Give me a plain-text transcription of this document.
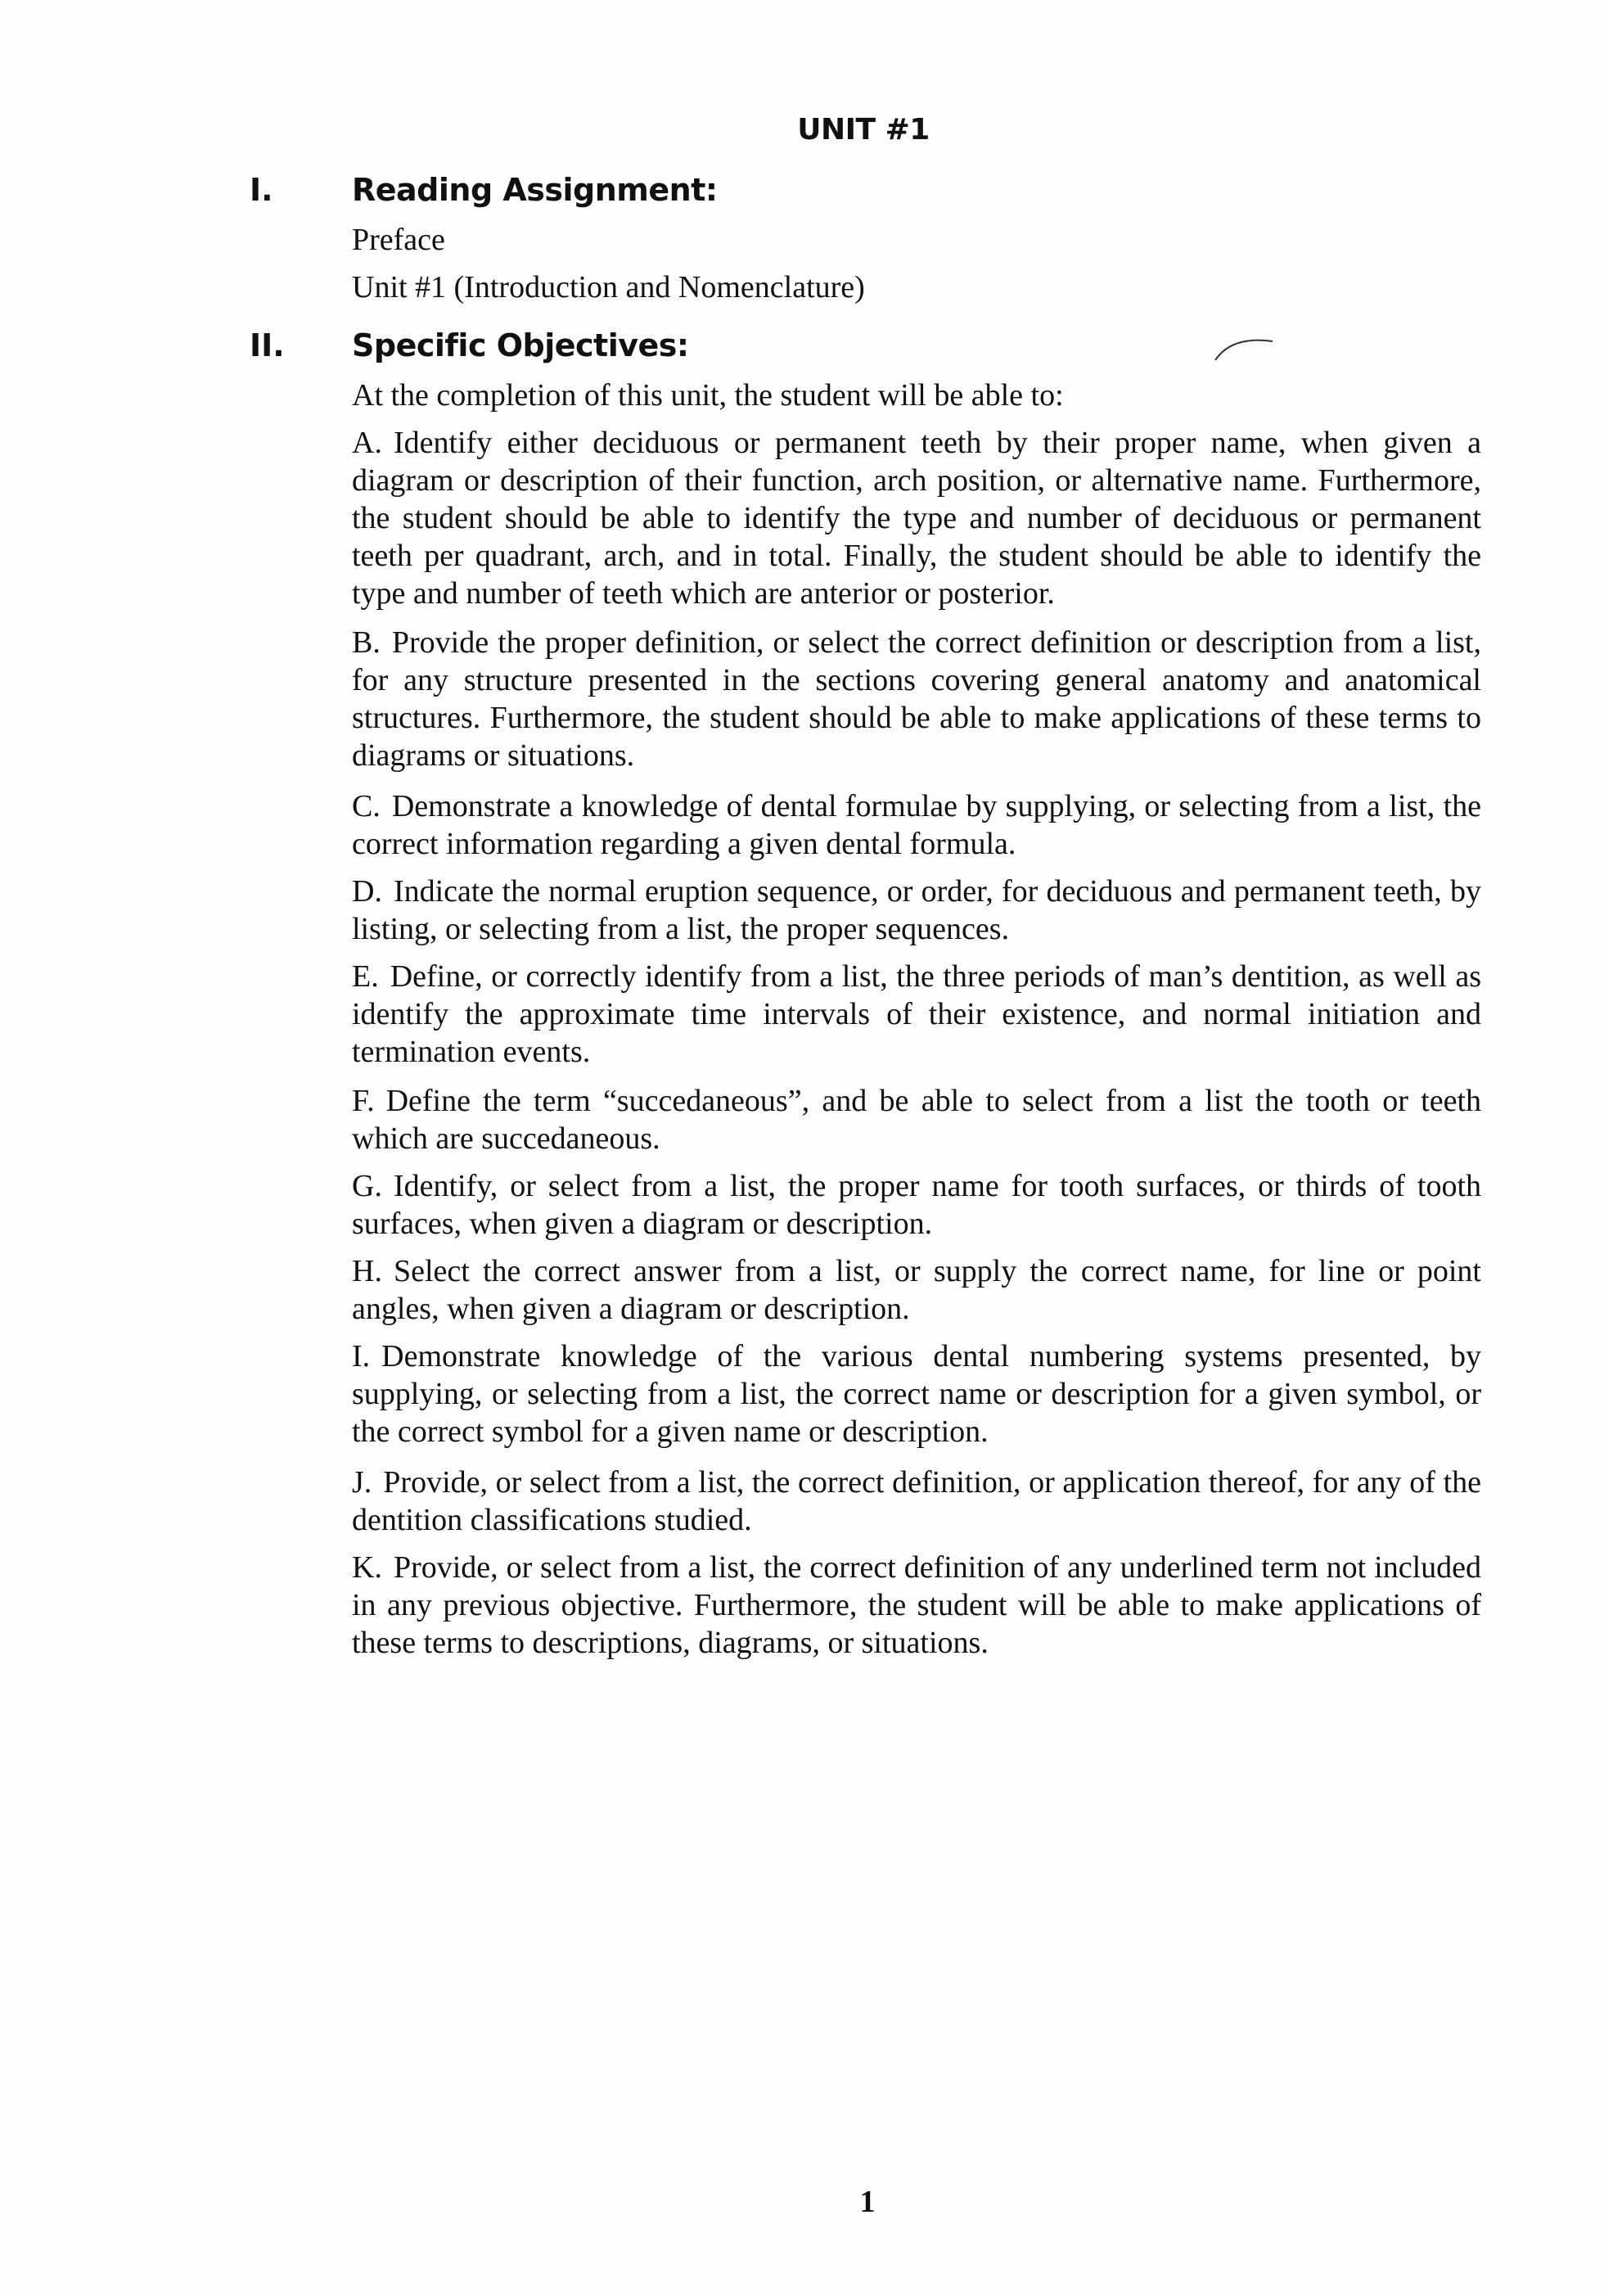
UNIT #1
I.	Reading Assignment:
Preface
Unit #1 (Introduction and Nomenclature)
II. Specific Objectives:
At the completion of this unit, the student will be able to:
A. Identify either deciduous or permanent teeth by their proper name, when given a diagram or description of their function, arch position, or alternative name. Furthermore, the student should be able to identify the type and number of deciduous or permanent teeth per quadrant, arch, and in total. Finally, the student should be able to identify the type and number of teeth which are anterior or posterior.
B. Provide the proper definition, or select the correct definition or description from a list, for any structure presented in the sections covering general anatomy and anatomical structures. Furthermore, the student should be able to make applications of these terms to diagrams or situations.
C. Demonstrate a knowledge of dental formulae by supplying, or selecting from a list, the correct information regarding a given dental formula.
D. Indicate the normal eruption sequence, or order, for deciduous and permanent teeth, by listing, or selecting from a list, the proper sequences.
E. Define, or correctly identify from a list, the three periods of man’s dentition, as well as identify the approximate time intervals of their existence, and normal initiation and termination events.
F. Define the term “succedaneous”, and be able to select from a list the tooth or teeth which are succedaneous.
G. Identify, or select from a list, the proper name for tooth surfaces, or thirds of tooth surfaces, when given a diagram or description.
H. Select the correct answer from a list, or supply the correct name, for line or point angles, when given a diagram or description.
I. Demonstrate knowledge of the various dental numbering systems presented, by supplying, or selecting from a list, the correct name or description for a given symbol, or the correct symbol for a given name or description.
J. Provide, or select from a list, the correct definition, or application thereof, for any of the dentition classifications studied.
K. Provide, or select from a list, the correct definition of any underlined term not included in any previous objective. Furthermore, the student will be able to make applications of these terms to descriptions, diagrams, or situations.
1
